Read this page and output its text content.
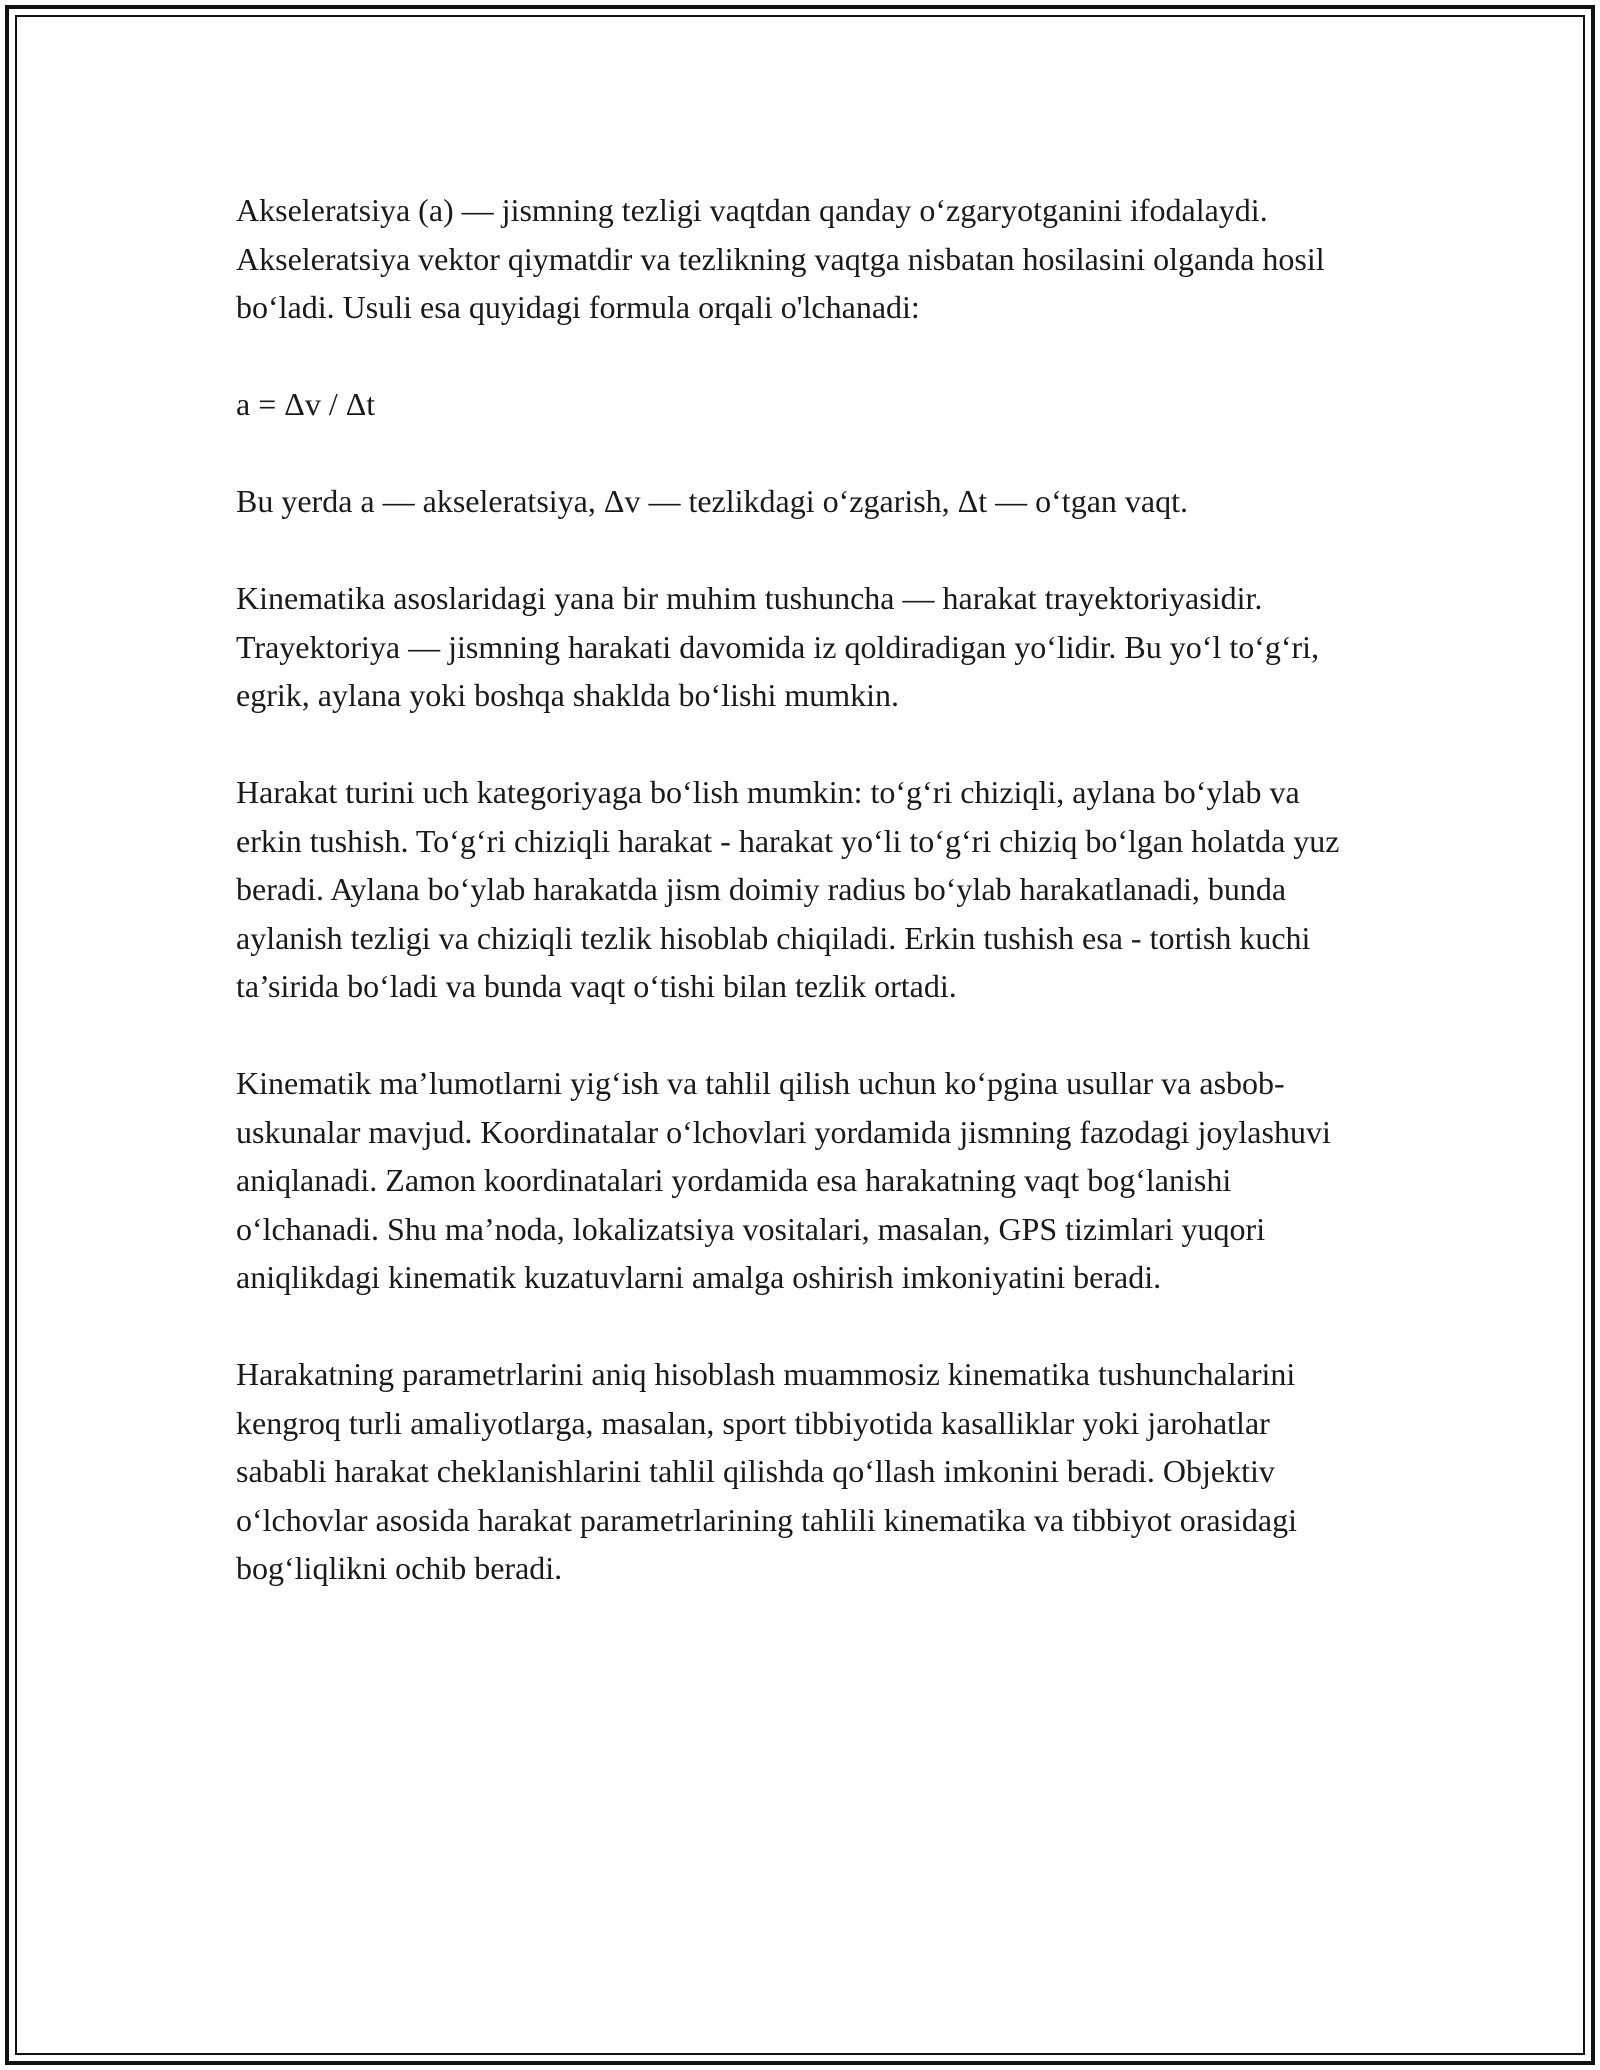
Akseleratsiya (a) — jismning tezligi vaqtdan qanday o‘zgaryotganini ifodalaydi. Akseleratsiya vektor qiymatdir va tezlikning vaqtga nisbatan hosilasini olganda hosil bo‘ladi. Usuli esa quyidagi formula orqali o'lchanadi:

a = Δv / Δt

Bu yerda a — akseleratsiya, Δv — tezlikdagi o‘zgarish, Δt — o‘tgan vaqt.

Kinematika asoslaridagi yana bir muhim tushuncha — harakat trayektoriyasidir. Trayektoriya — jismning harakati davomida iz qoldiradigan yo‘lidir. Bu yo‘l to‘g‘ri, egrik, aylana yoki boshqa shaklda bo‘lishi mumkin.

Harakat turini uch kategoriyaga bo‘lish mumkin: to‘g‘ri chiziqli, aylana bo‘ylab va erkin tushish. To‘g‘ri chiziqli harakat - harakat yo‘li to‘g‘ri chiziq bo‘lgan holatda yuz beradi. Aylana bo‘ylab harakatda jism doimiy radius bo‘ylab harakatlanadi, bunda aylanish tezligi va chiziqli tezlik hisoblab chiqiladi. Erkin tushish esa - tortish kuchi ta’sirida bo‘ladi va bunda vaqt o‘tishi bilan tezlik ortadi.

Kinematik ma’lumotlarni yig‘ish va tahlil qilish uchun ko‘pgina usullar va asbob-uskunalar mavjud. Koordinatalar o‘lchovlari yordamida jismning fazodagi joylashuvi aniqlanadi. Zamon koordinatalari yordamida esa harakatning vaqt bog‘lanishi o‘lchanadi. Shu ma’noda, lokalizatsiya vositalari, masalan, GPS tizimlari yuqori aniqlikdagi kinematik kuzatuvlarni amalga oshirish imkoniyatini beradi.

Harakatning parametrlarini aniq hisoblash muammosiz kinematika tushunchalarini kengroq turli amaliyotlarga, masalan, sport tibbiyotida kasalliklar yoki jarohatlar sababli harakat cheklanishlarini tahlil qilishda qo‘llash imkonini beradi. Objektiv o‘lchovlar asosida harakat parametrlarining tahlili kinematika va tibbiyot orasidagi bog‘liqlikni ochib beradi.
